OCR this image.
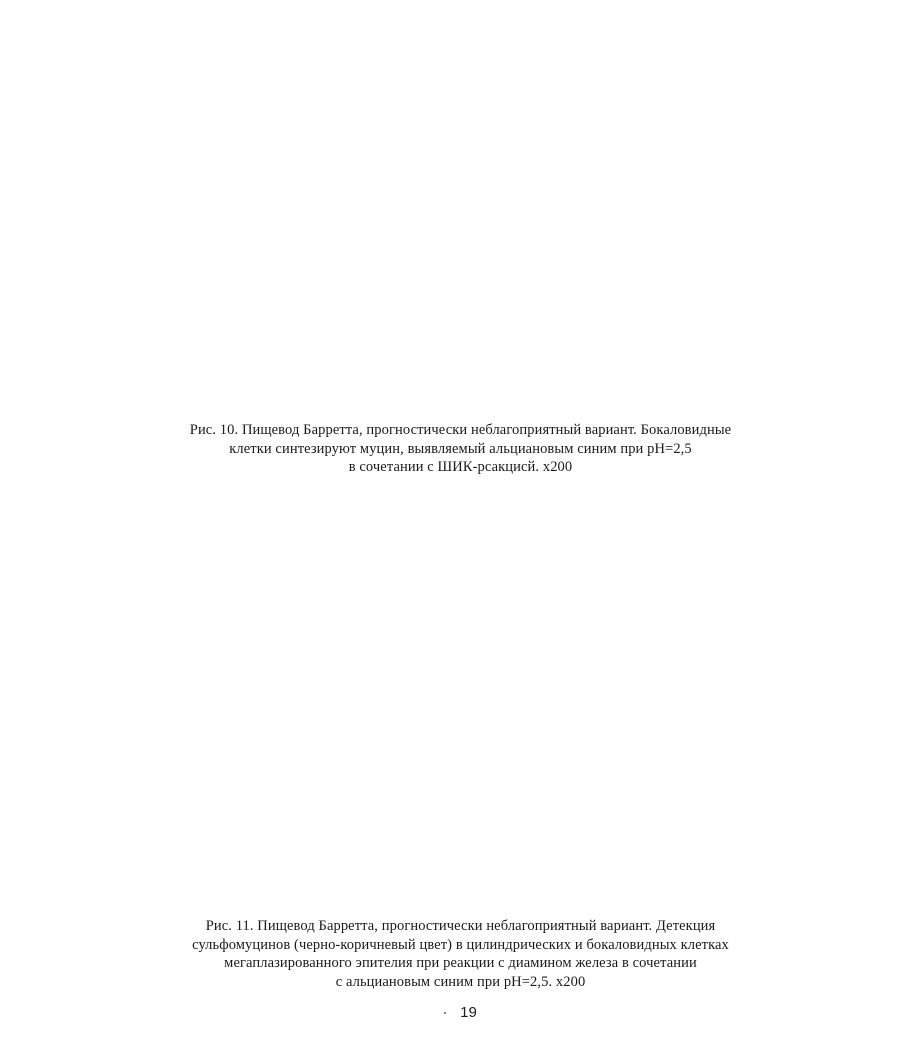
Рис. 10. Пищевод Барретта, прогностически неблагоприятный вариант. Бокаловидные
клетки синтезируют муцин, выявляемый альциановым синим при рН=2,5
в сочетании с ШИК-рсакцисй. х200
Рис. 11. Пищевод Барретта, прогностически неблагоприятный вариант. Детекция
сульфомуцинов (черно-коричневый цвет) в цилиндрических и бокаловидных клетках
мегаплазированного эпителия при реакции с диамином железа в сочетании
с альциановым синим при рН=2,5. х200
19
